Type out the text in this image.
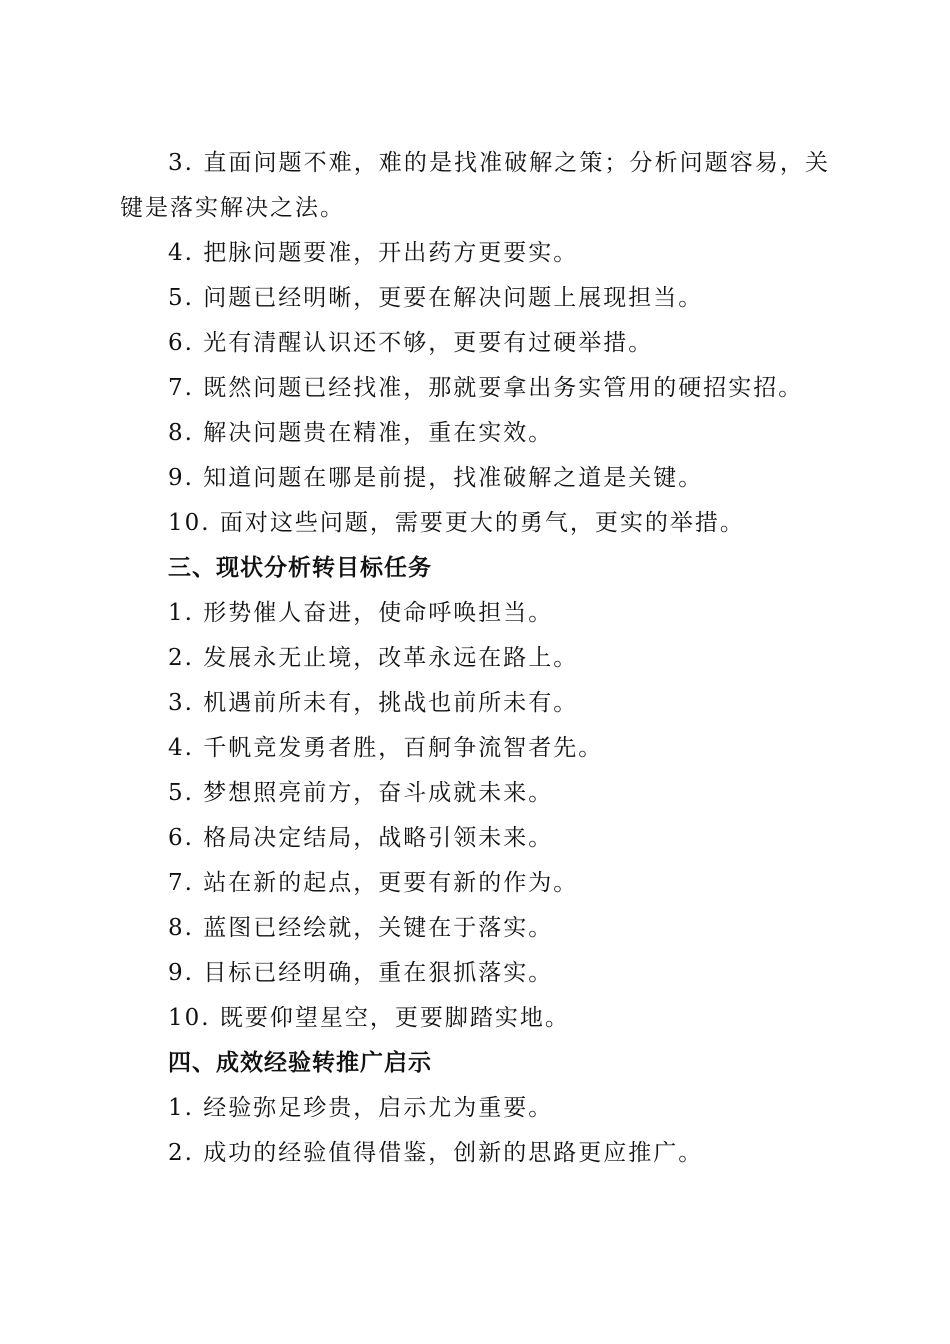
3. 直面问题不难，难的是找准破解之策；分析问题容易，关键是落实解决之法。

4. 把脉问题要准，开出药方更要实。

5. 问题已经明晰，更要在解决问题上展现担当。

6. 光有清醒认识还不够，更要有过硬举措。

7. 既然问题已经找准，那就要拿出务实管用的硬招实招。

8. 解决问题贵在精准，重在实效。

9. 知道问题在哪是前提，找准破解之道是关键。

10. 面对这些问题，需要更大的勇气，更实的举措。

三、现状分析转目标任务

1. 形势催人奋进，使命呼唤担当。

2. 发展永无止境，改革永远在路上。

3. 机遇前所未有，挑战也前所未有。

4. 千帆竞发勇者胜，百舸争流智者先。

5. 梦想照亮前方，奋斗成就未来。

6. 格局决定结局，战略引领未来。

7. 站在新的起点，更要有新的作为。

8. 蓝图已经绘就，关键在于落实。

9. 目标已经明确，重在狠抓落实。

10. 既要仰望星空，更要脚踏实地。

四、成效经验转推广启示

1. 经验弥足珍贵，启示尤为重要。

2. 成功的经验值得借鉴，创新的思路更应推广。
